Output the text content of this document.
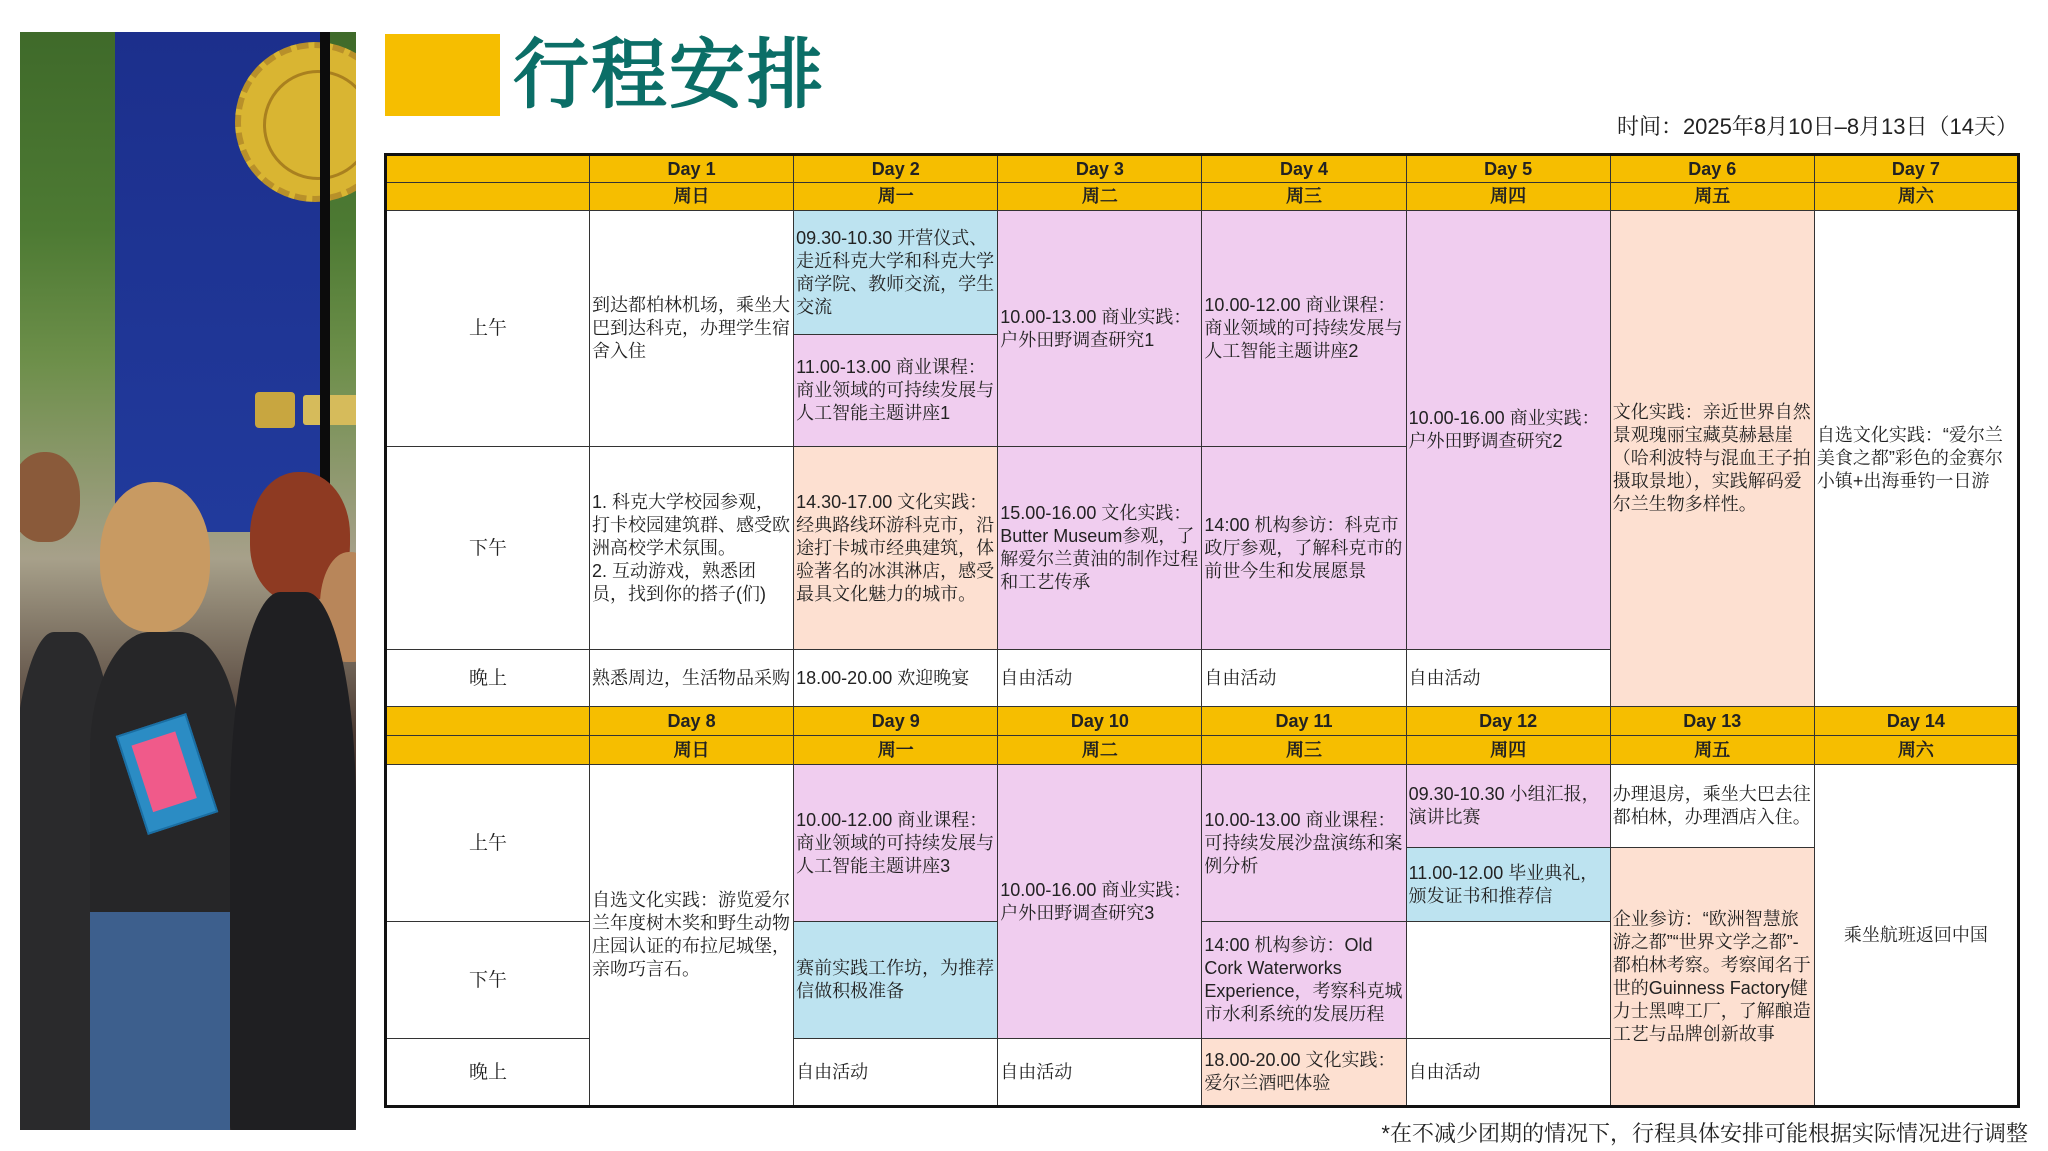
行程安排
时间：2025年8月10日–8月13日（14天）
	Day 1	Day 2	Day 3	Day 4	Day 5	Day 6	Day 7
	周日	周一	周二	周三	周四	周五	周六
上午	到达都柏林机场，乘坐大巴到达科克，办理学生宿舍入住	09.30-10.30 开营仪式、走近科克大学和科克大学商学院、教师交流，学生交流	10.00-13.00 商业实践：户外田野调查研究1	10.00-12.00 商业课程：商业领域的可持续发展与人工智能主题讲座2	10.00-16.00 商业实践：户外田野调查研究2	文化实践：亲近世界自然景观瑰丽宝藏莫赫悬崖（哈利波特与混血王子拍摄取景地），实践解码爱尔兰生物多样性。	自选文化实践：“爱尔兰美食之都”彩色的金赛尔小镇+出海垂钓一日游
		11.00-13.00 商业课程：商业领域的可持续发展与人工智能主题讲座1					
下午	1. 科克大学校园参观，打卡校园建筑群、感受欧洲高校学术氛围。
2. 互动游戏，熟悉团员，找到你的搭子(们)	14.30-17.00 文化实践：经典路线环游科克市，沿途打卡城市经典建筑，体验著名的冰淇淋店，感受最具文化魅力的城市。	15.00-16.00 文化实践：Butter Museum参观，了解爱尔兰黄油的制作过程和工艺传承	14:00 机构参访：科克市政厅参观，了解科克市的前世今生和发展愿景			
晚上	熟悉周边，生活物品采购	18.00-20.00 欢迎晚宴	自由活动	自由活动	自由活动		
	Day 8	Day 9	Day 10	Day 11	Day 12	Day 13	Day 14
	周日	周一	周二	周三	周四	周五	周六
上午	自选文化实践：游览爱尔兰年度树木奖和野生动物庄园认证的布拉尼城堡，亲吻巧言石。	10.00-12.00 商业课程：商业领域的可持续发展与人工智能主题讲座3	10.00-16.00 商业实践：户外田野调查研究3	10.00-13.00 商业课程：可持续发展沙盘演练和案例分析	09.30-10.30 小组汇报，演讲比赛	办理退房，乘坐大巴去往都柏林，办理酒店入住。	乘坐航班返回中国
					11.00-12.00 毕业典礼，颁发证书和推荐信	企业参访：“欧洲智慧旅游之都”“世界文学之都”-都柏林考察。考察闻名于世的Guinness Factory健力士黑啤工厂，了解酿造工艺与品牌创新故事	
下午		赛前实践工作坊，为推荐信做积极准备		14:00 机构参访：Old Cork Waterworks Experience，考察科克城市水利系统的发展历程			
晚上		自由活动	自由活动	18.00-20.00 文化实践：爱尔兰酒吧体验	自由活动		
*在不减少团期的情况下，行程具体安排可能根据实际情况进行调整
